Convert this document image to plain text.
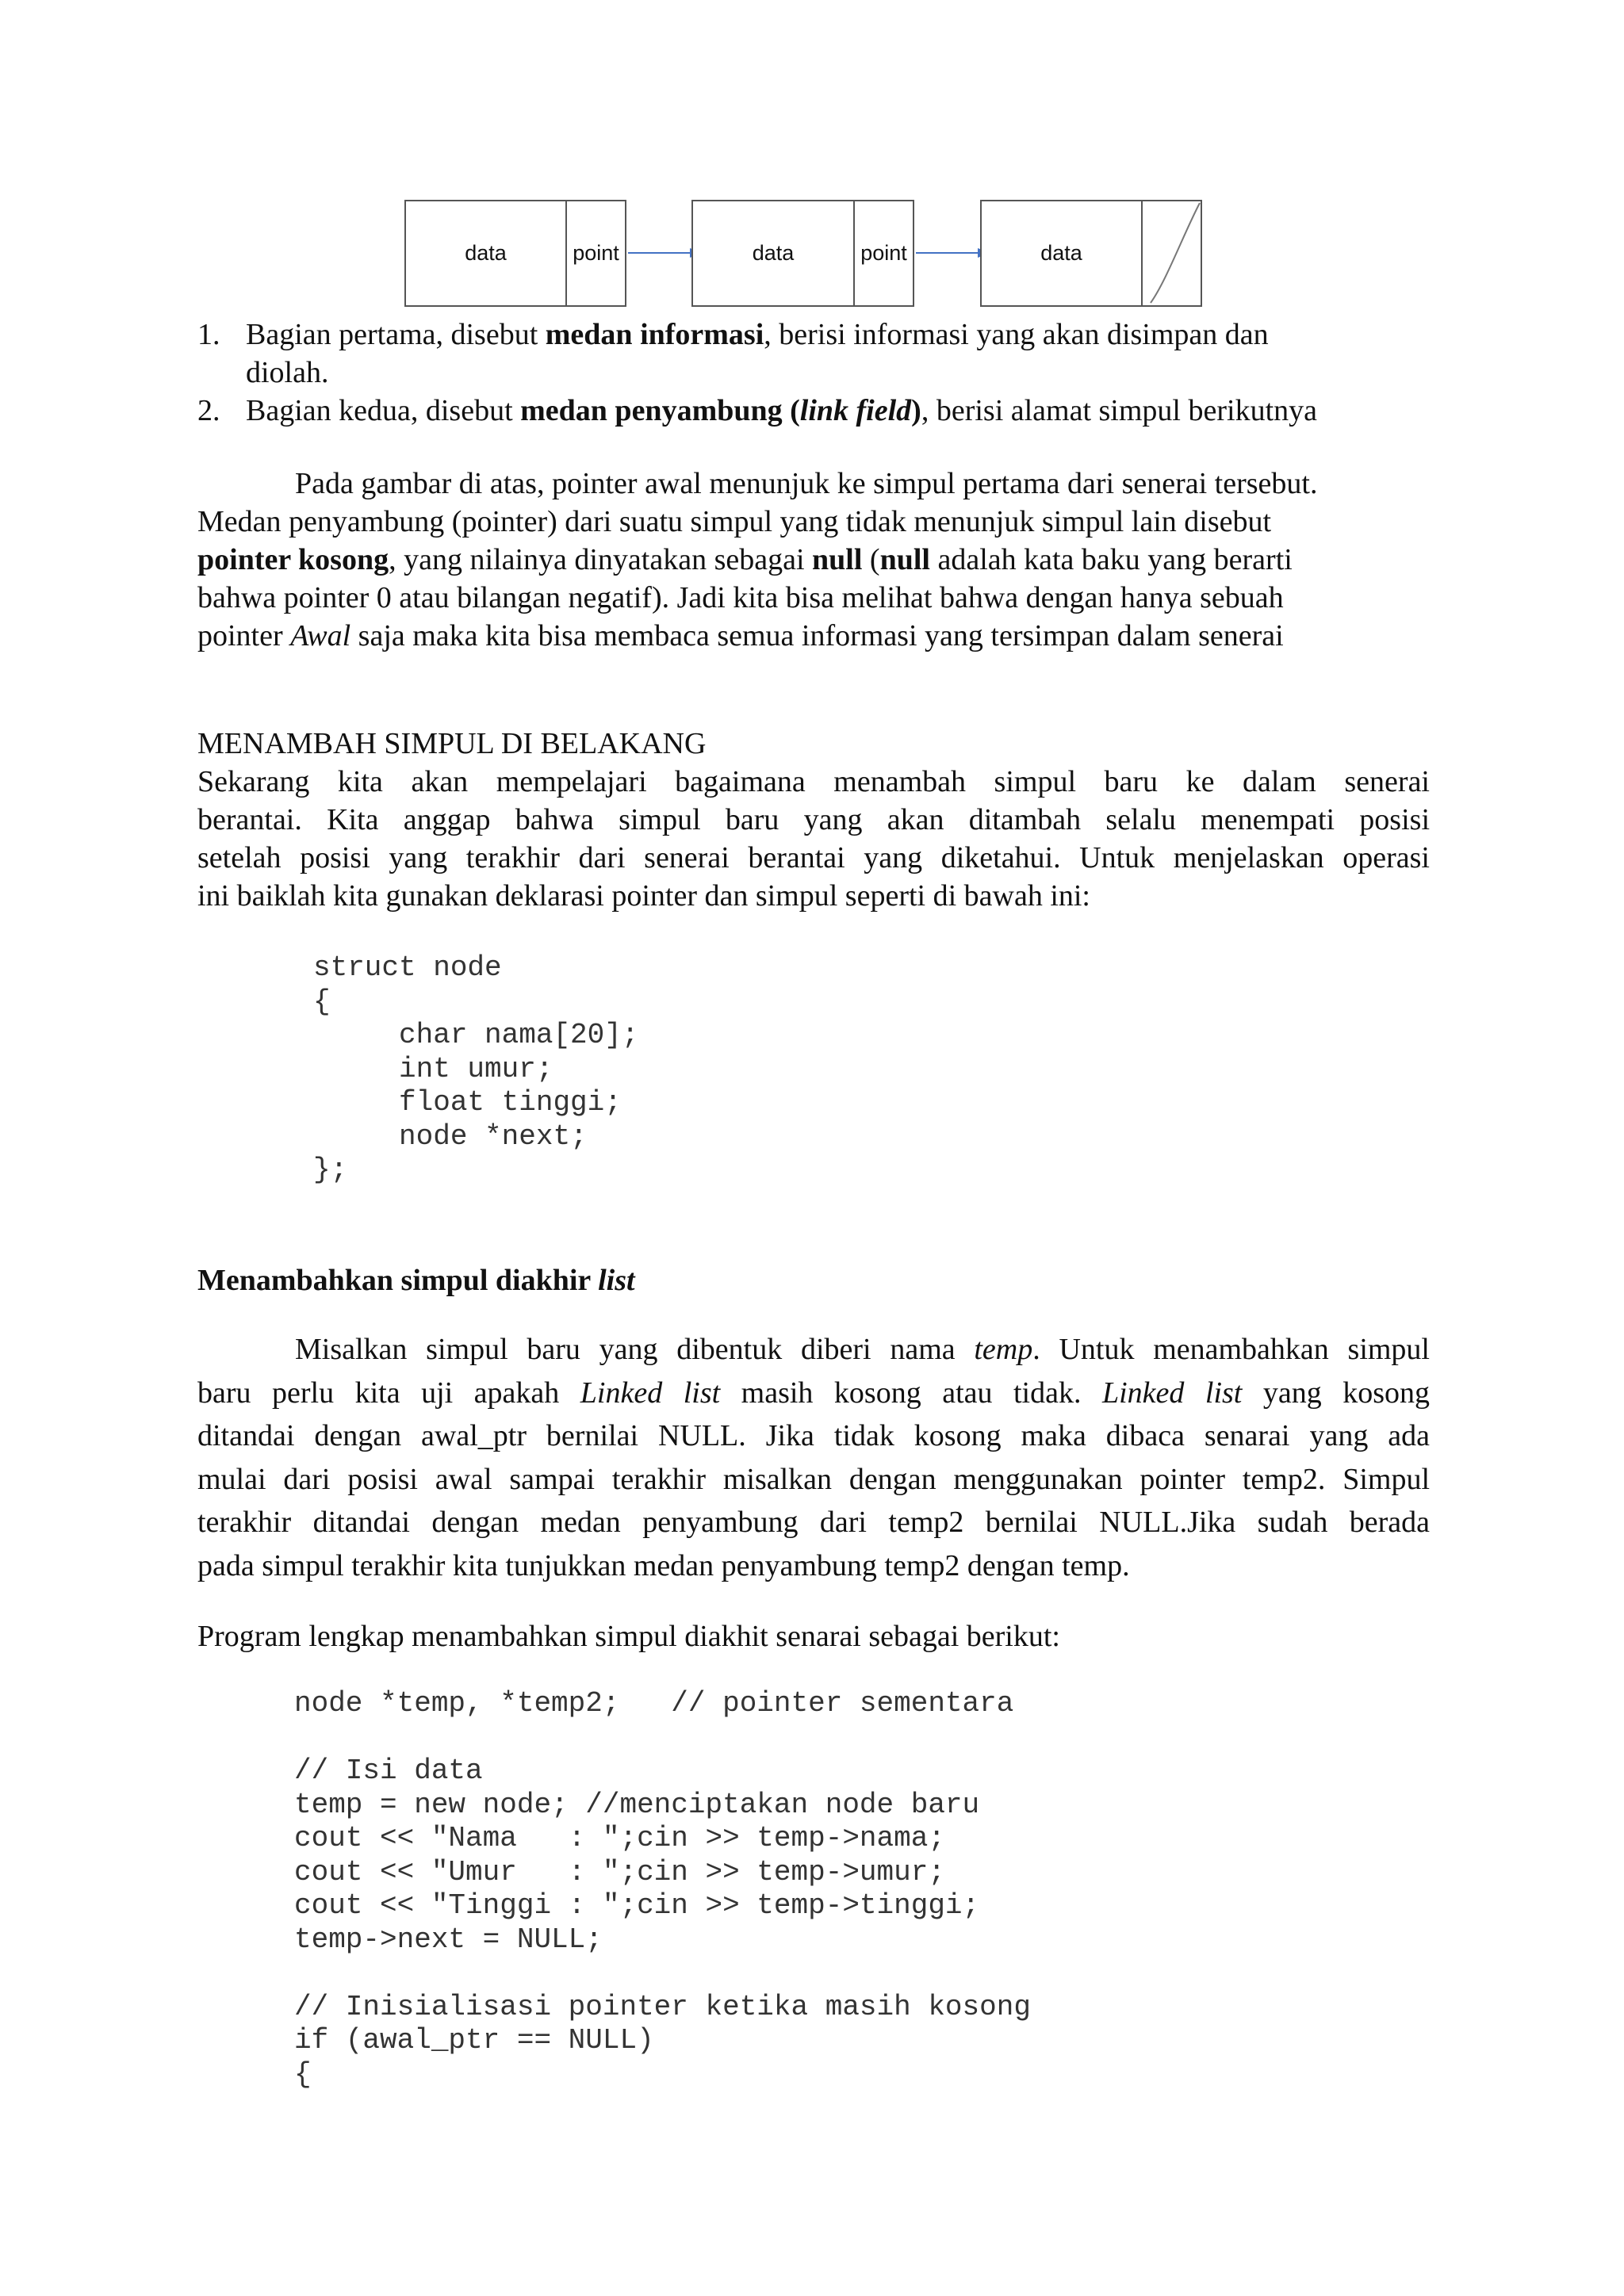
data	point	data	point	data
1. Bagian pertama, disebut medan informasi, berisi informasi yang akan disimpan dan
diolah.
2. Bagian kedua, disebut medan penyambung (link field), berisi alamat simpul berikutnya
Pada gambar di atas, pointer awal menunjuk ke simpul pertama dari senerai tersebut.
Medan penyambung (pointer) dari suatu simpul yang tidak menunjuk simpul lain disebut
pointer kosong, yang nilainya dinyatakan sebagai null (null adalah kata baku yang berarti
bahwa pointer 0 atau bilangan negatif). Jadi kita bisa melihat bahwa dengan hanya sebuah
pointer Awal saja maka kita bisa membaca semua informasi yang tersimpan dalam senerai
MENAMBAH SIMPUL DI BELAKANG
Sekarang kita akan mempelajari bagaimana menambah simpul baru ke dalam senerai
berantai. Kita anggap bahwa simpul baru yang akan ditambah selalu menempati posisi
setelah posisi yang terakhir dari senerai berantai yang diketahui. Untuk menjelaskan operasi
ini baiklah kita gunakan deklarasi pointer dan simpul seperti di bawah ini:
struct node
{
char nama[20];
int umur;
float tinggi;
node *next;
};
Menambahkan simpul diakhir list
Misalkan simpul baru yang dibentuk diberi nama temp. Untuk menambahkan simpul
baru perlu kita uji apakah Linked list masih kosong atau tidak. Linked list yang kosong
ditandai dengan awal_ptr bernilai NULL. Jika tidak kosong maka dibaca senarai yang ada
mulai dari posisi awal sampai terakhir misalkan dengan menggunakan pointer temp2. Simpul
terakhir ditandai dengan medan penyambung dari temp2 bernilai NULL.Jika sudah berada
pada simpul terakhir kita tunjukkan medan penyambung temp2 dengan temp.
Program lengkap menambahkan simpul diakhit senarai sebagai berikut:
node *temp, *temp2;   // pointer sementara
// Isi data
temp = new node; //menciptakan node baru
cout << "Nama   : ";cin >> temp->nama;
cout << "Umur   : ";cin >> temp->umur;
cout << "Tinggi : ";cin >> temp->tinggi;
temp->next = NULL;
// Inisialisasi pointer ketika masih kosong
if (awal_ptr == NULL)
{
